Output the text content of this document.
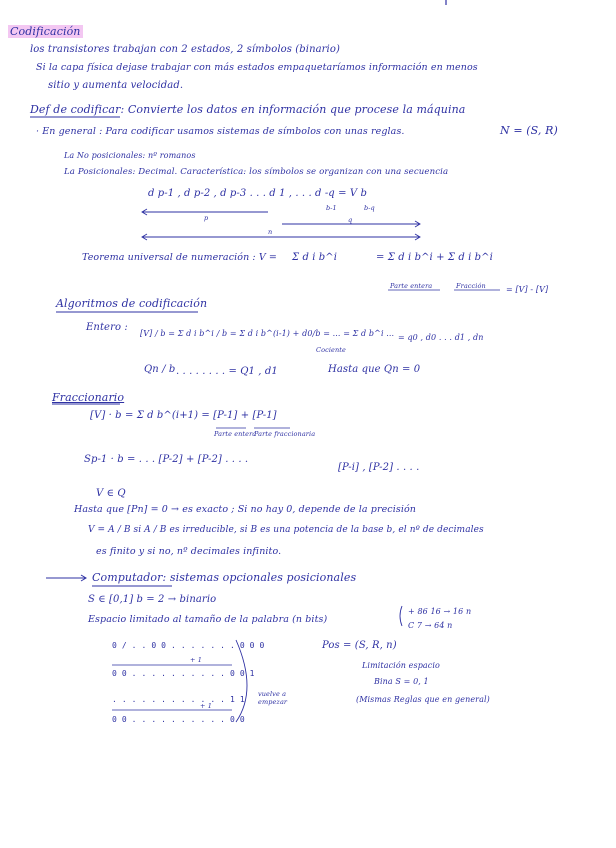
Codificación
los transistores trabajan con 2 estados, 2 símbolos (binario)
Si la capa física dejase trabajar con más estados empaquetaríamos información en menos
sitio y aumenta velocidad.
Def de codificar: Convierte los datos en información que procese la máquina
· En general : Para codificar usamos sistemas de símbolos con unas reglas.	N = (S, R)
La No posicionales: nº romanos
La Posicionales: Decimal. Característica: los símbolos se organizan con una secuencia
d p-1 , d p-2 , d p-3 . . . d 1 , . . . d -q = V b
b-1	b-q
p
n
q
Teorema universal de numeración : V = Σ d i b^i	= Σ d i b^i + Σ d i b^i
Parte entera	Fracción	= [V] - [V]
Algoritmos de codificación
Entero :
[V] / b = Σ d i b^i / b = Σ d i b^(i-1) + d0/b = ... = Σ d b^i ...
Cociente
= q0 , d0 . . . d1 , dn
Qn / b . . . . . . . . = Q1 , d1	Hasta que Qn = 0
Fraccionario
[V] · b = Σ d b^(i+1) = [P-1] + [P-1]
Parte entera
Parte fraccionaria
Sp-1 · b = . . . [P-2] + [P-2] . . . .
[P-i] , [P-2] . . . .
V ∈ Q
Hasta que [Pn] = 0 → es exacto ; Si no hay 0, depende de la precisión
V = A / B si A / B es irreducible, si B es una potencia de la base b, el nº de decimales
es finito y si no, nº decimales infinito.
Computador: sistemas opcionales posicionales
S ∈ [0,1] b = 2 → binario
Espacio limitado al tamaño de la palabra (n bits)
+ 86 16 → 16 n
C 7 → 64 n
0 / . . 0 0 . . . . . . . 0 0 0
+ 1
0 0 . . . . . . . . . . 0 0 1
. . . . . . . . . . . . 1 1
+ 1
0 0 . . . . . . . . . . 0 0
vuelve a empezar
Pos = (S, R, n)
Limitación espacio
Bina S = 0, 1
(Mismas Reglas que en general)
